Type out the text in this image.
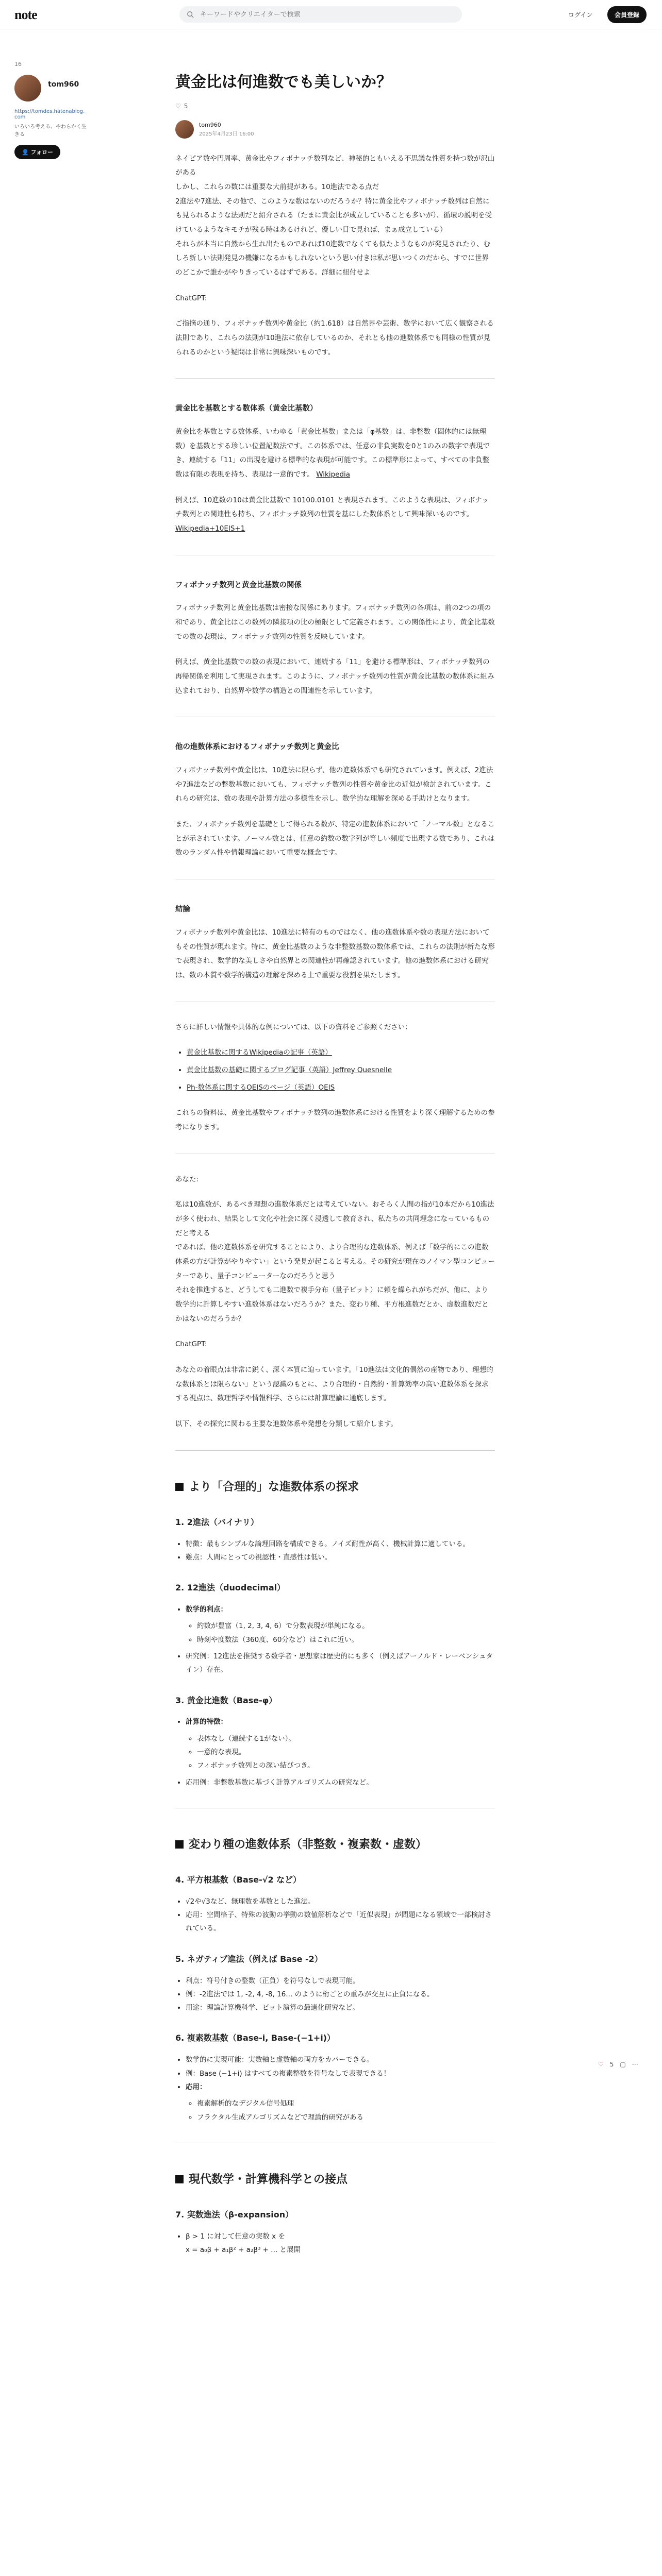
note
キーワードやクリエイターで検索	ログイン	会員登録
16
tom960
https://tomdes.hatenablog.com
いろいろ考える、やわらかく生きる
👤 フォロー
黄金比は何進数でも美しいか？
♡ 5
tom960
2025年4月23日 16:00

ネイピア数や円周率、黄金比やフィボナッチ数列など、神秘的ともいえる不思議な性質を持つ数が沢山がある
しかし、これらの数には重要な大前提がある。10進法である点だ
2進法や7進法、その他で、このような数はないのだろうか？特に黄金比やフィボナッチ数列は自然にも見られるような法則だと紹介される（たまに黄金比が成立していることも多いが）、循環の説明を受けているようなキモチが残る時はあるけれど、優しい目で見れば、まぁ成立している）
それらが本当に自然から生れ出たものであれば10進数でなくても似たようなものが発見されたり、むしろ新しい法則発見の機嫌になるかもしれないという思い付きは私が思いつくのだから、すでに世界のどこかで誰かがやりきっているはずである。詳細に紐付せよ

ChatGPT:

ご指摘の通り、フィボナッチ数列や黄金比（約1.618）は自然界や芸術、数学において広く観察される法則であり、これらの法則が10進法に依存しているのか、それとも他の進数体系でも同様の性質が見られるのかという疑問は非常に興味深いものです。

黄金比を基数とする数体系（黄金比基数）

黄金比を基数とする数体系、いわゆる「黄金比基数」または「φ基数」は、非整数（固体的には無理数）を基数とする珍しい位置記数法です。この体系では、任意の非負実数を0と1のみの数字で表現でき、連続する「11」の出現を避ける標準的な表現が可能です。この標準形によって、すべての非負整数は有限の表現を持ち、表現は一意的です。 Wikipedia

例えば、10進数の10は黄金比基数で 10100.0101 と表現されます。このような表現は、フィボナッチ数列との関連性も持ち、フィボナッチ数列の性質を基にした数体系として興味深いものです。 Wikipedia+10EIS+1

フィボナッチ数列と黄金比基数の関係

フィボナッチ数列と黄金比基数は密接な関係にあります。フィボナッチ数列の各項は、前の2つの項の和であり、黄金比はこの数列の隣接項の比の極限として定義されます。この関係性により、黄金比基数での数の表現は、フィボナッチ数列の性質を反映しています。

例えば、黄金比基数での数の表現において、連続する「11」を避ける標準形は、フィボナッチ数列の再帰関係を利用して実現されます。このように、フィボナッチ数列の性質が黄金比基数の数体系に組み込まれており、自然界や数学の構造との関連性を示しています。

他の進数体系におけるフィボナッチ数列と黄金比

フィボナッチ数列や黄金比は、10進法に限らず、他の進数体系でも研究されています。例えば、2進法や7進法などの整数基数においても、フィボナッチ数列の性質や黄金比の近似が検討されています。これらの研究は、数の表現や計算方法の多様性を示し、数学的な理解を深める手助けとなります。

また、フィボナッチ数列を基礎として得られる数が、特定の進数体系において「ノーマル数」となることが示されています。ノーマル数とは、任意の約数の数字列が等しい頻度で出現する数であり、これは数のランダム性や情報理論において重要な概念です。

結論

フィボナッチ数列や黄金比は、10進法に特有のものではなく、他の進数体系や数の表現方法においてもその性質が現れます。特に、黄金比基数のような非整数基数の数体系では、これらの法則が新たな形で表現され、数学的な美しさや自然界との関連性が再確認されています。他の進数体系における研究は、数の本質や数学的構造の理解を深める上で重要な役割を果たします。

さらに詳しい情報や具体的な例については、以下の資料をご参照ください：

• 黄金比基数に関するWikipediaの記事（英語）
• 黄金比基数の基礎に関するブログ記事（英語）Jeffrey Quesnelle
• Ph-数体系に関するOEISのページ（英語）OEIS

これらの資料は、黄金比基数やフィボナッチ数列の進数体系における性質をより深く理解するための参考になります。

あなた:

私は10進数が、あるべき理想の進数体系だとは考えていない。おそらく人間の指が10本だから10進法が多く使われ、結果として文化や社会に深く浸透して教育され、私たちの共同理念になっているものだと考える
であれば、他の進数体系を研究することにより、より合理的な進数体系、例えば「数学的にこの進数体系の方が計算がやりやすい」という発見が起こると考える。その研究が現在のノイマン型コンピューターであり、量子コンピューターなのだろうと思う
それを推進すると、どうしても二進数で複手分布（量子ビット）に頼を繰られがちだが、他に、より数学的に計算しやすい進数体系はないだろうか？また、変わり種、平方根進数だとか、虚数進数だとかはないのだろうか？

ChatGPT:

あなたの着眼点は非常に鋭く、深く本質に迫っています。「10進法は文化的偶然の産物であり、理想的な数体系とは限らない」という認識のもとに、より合理的・自然的・計算効率の高い進数体系を探求する視点は、数理哲学や情報科学、さらには計算理論に通底します。

以下、その探究に関わる主要な進数体系や発想を分類して紹介します。

より「合理的」な進数体系の探求
1. 2進法（バイナリ）
• 特徴：最もシンプルな論理回路を構成できる。ノイズ耐性が高く、機械計算に適している。
• 難点：人間にとっての視認性・直感性は低い。
2. 12進法（duodecimal）
• 数学的利点：
◦ 約数が豊富（1, 2, 3, 4, 6）で分数表現が単純になる。
◦ 時刻や度数法（360度、60分など）はこれに近い。
• 研究例：12進法を推奨する数学者・思想家は歴史的にも多く（例えばアーノルド・レーベンシュタイン）存在。
3. 黄金比進数（Base-φ）
• 計算的特徴：
◦ 表体なし（連続する1がない）。
◦ 一意的な表現。
◦ フィボナッチ数列との深い結びつき。
• 応用例：非整数基数に基づく計算アルゴリズムの研究など。
変わり種の進数体系（非整数・複素数・虚数）
4. 平方根基数（Base-√2 など）
• √2や√3など、無理数を基数とした進法。
• 応用：空間格子、特殊の波動の挙動の数値解析などで「近似表現」が問題になる領域で一部検討されている。
5. ネガティブ進法（例えば Base -2）
• 利点：符号付きの整数（正負）を符号なしで表現可能。
• 例：-2進法では 1, -2, 4, -8, 16... のように桁ごとの重みが交互に正負になる。
• 用途：理論計算機科学、ビット演算の最適化研究など。
6. 複素数基数（Base-i, Base-(−1+i)）
• 数学的に実現可能：実数軸と虚数軸の両方をカバーできる。
• 例：Base (−1+i) はすべての複素整数を符号なしで表現できる！
• 応用：
◦ 複素解析的なデジタル信号処理
◦ フラクタル生成アルゴリズムなどで理論的研究がある
現代数学・計算機科学との接点
7. 実数進法（β-expansion）
• β > 1 に対して任意の実数 x を
x = a₀β + a₁β² + a₂β³ + ... と展開
♡ 5 ▢ ⋯
